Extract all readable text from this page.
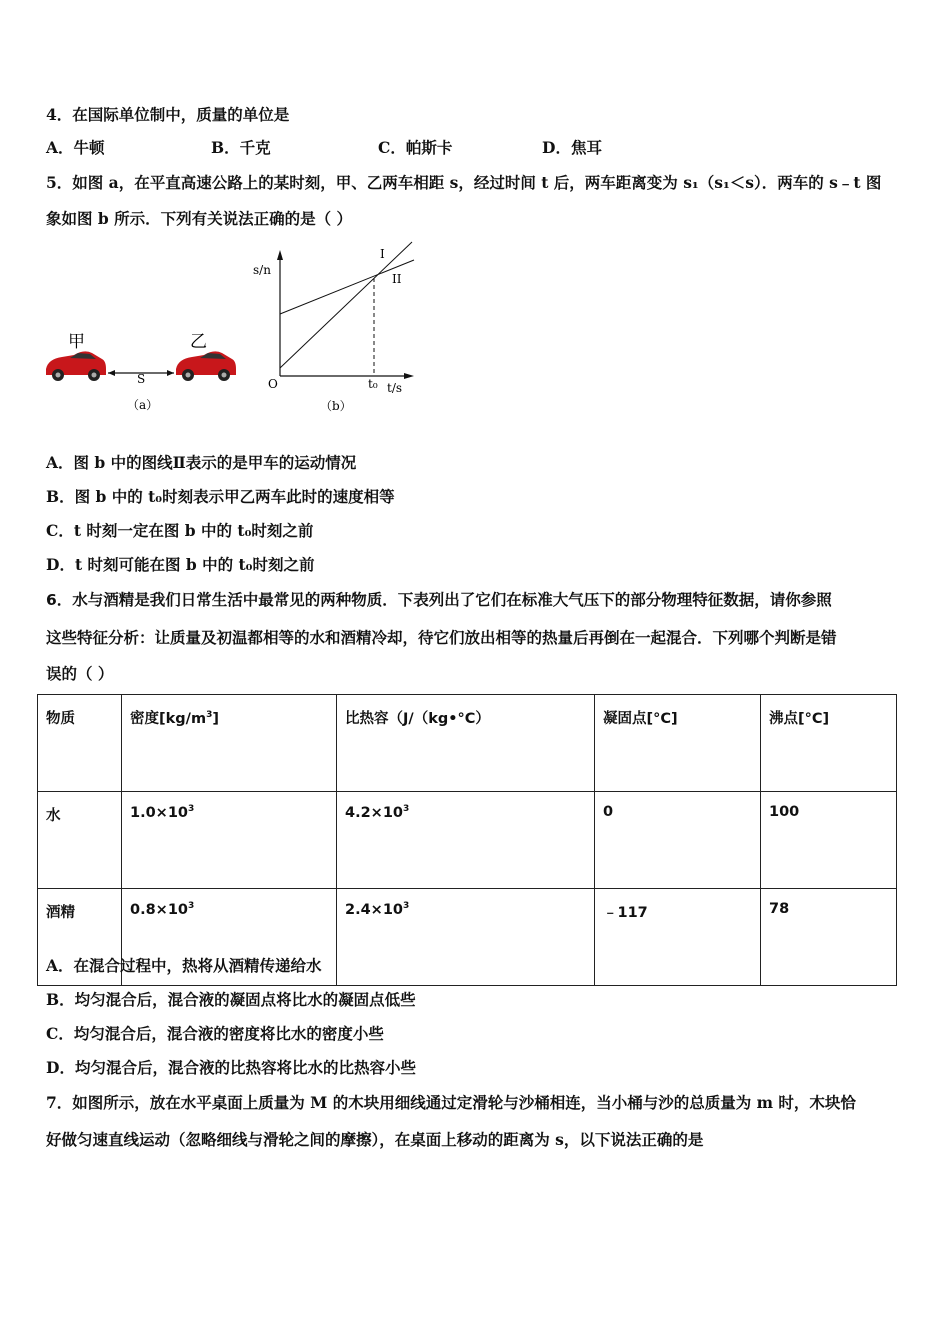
4．在国际单位制中，质量的单位是
A．牛顿	B．千克	C．帕斯卡	D．焦耳
5．如图 a，在平直高速公路上的某时刻，甲、乙两车相距 s，经过时间 t 后，两车距离变为 s₁（s₁＜s）．两车的 s﹣t 图
象如图 b 所示．下列有关说法正确的是（ ）
甲	乙
S
（a）
s/n
O	t₀ t/s
I
II
（b）
A．图 b 中的图线Ⅱ表示的是甲车的运动情况
B．图 b 中的 t₀时刻表示甲乙两车此时的速度相等
C．t 时刻一定在图 b 中的 t₀时刻之前
D．t 时刻可能在图 b 中的 t₀时刻之前
6．水与酒精是我们日常生活中最常见的两种物质．下表列出了它们在标准大气压下的部分物理特征数据，请你参照
这些特征分析：让质量及初温都相等的水和酒精冷却，待它们放出相等的热量后再倒在一起混合．下列哪个判断是错
误的（ ）
物质	密度$[kg/m^3]$	比热容（J/（kg•°C）	凝固点[°C]	沸点[°C]
水	$1.0\times 10^3$	$4.2\times 10^3$	0	100
酒精	$0.8\times 10^3$	$2.4\times 10^3$	﹣117	78
A．在混合过程中，热将从酒精传递给水
B．均匀混合后，混合液的凝固点将比水的凝固点低些
C．均匀混合后，混合液的密度将比水的密度小些
D．均匀混合后，混合液的比热容将比水的比热容小些
7．如图所示，放在水平桌面上质量为 M 的木块用细线通过定滑轮与沙桶相连，当小桶与沙的总质量为 m 时，木块恰
好做匀速直线运动（忽略细线与滑轮之间的摩擦），在桌面上移动的距离为 s，以下说法正确的是
